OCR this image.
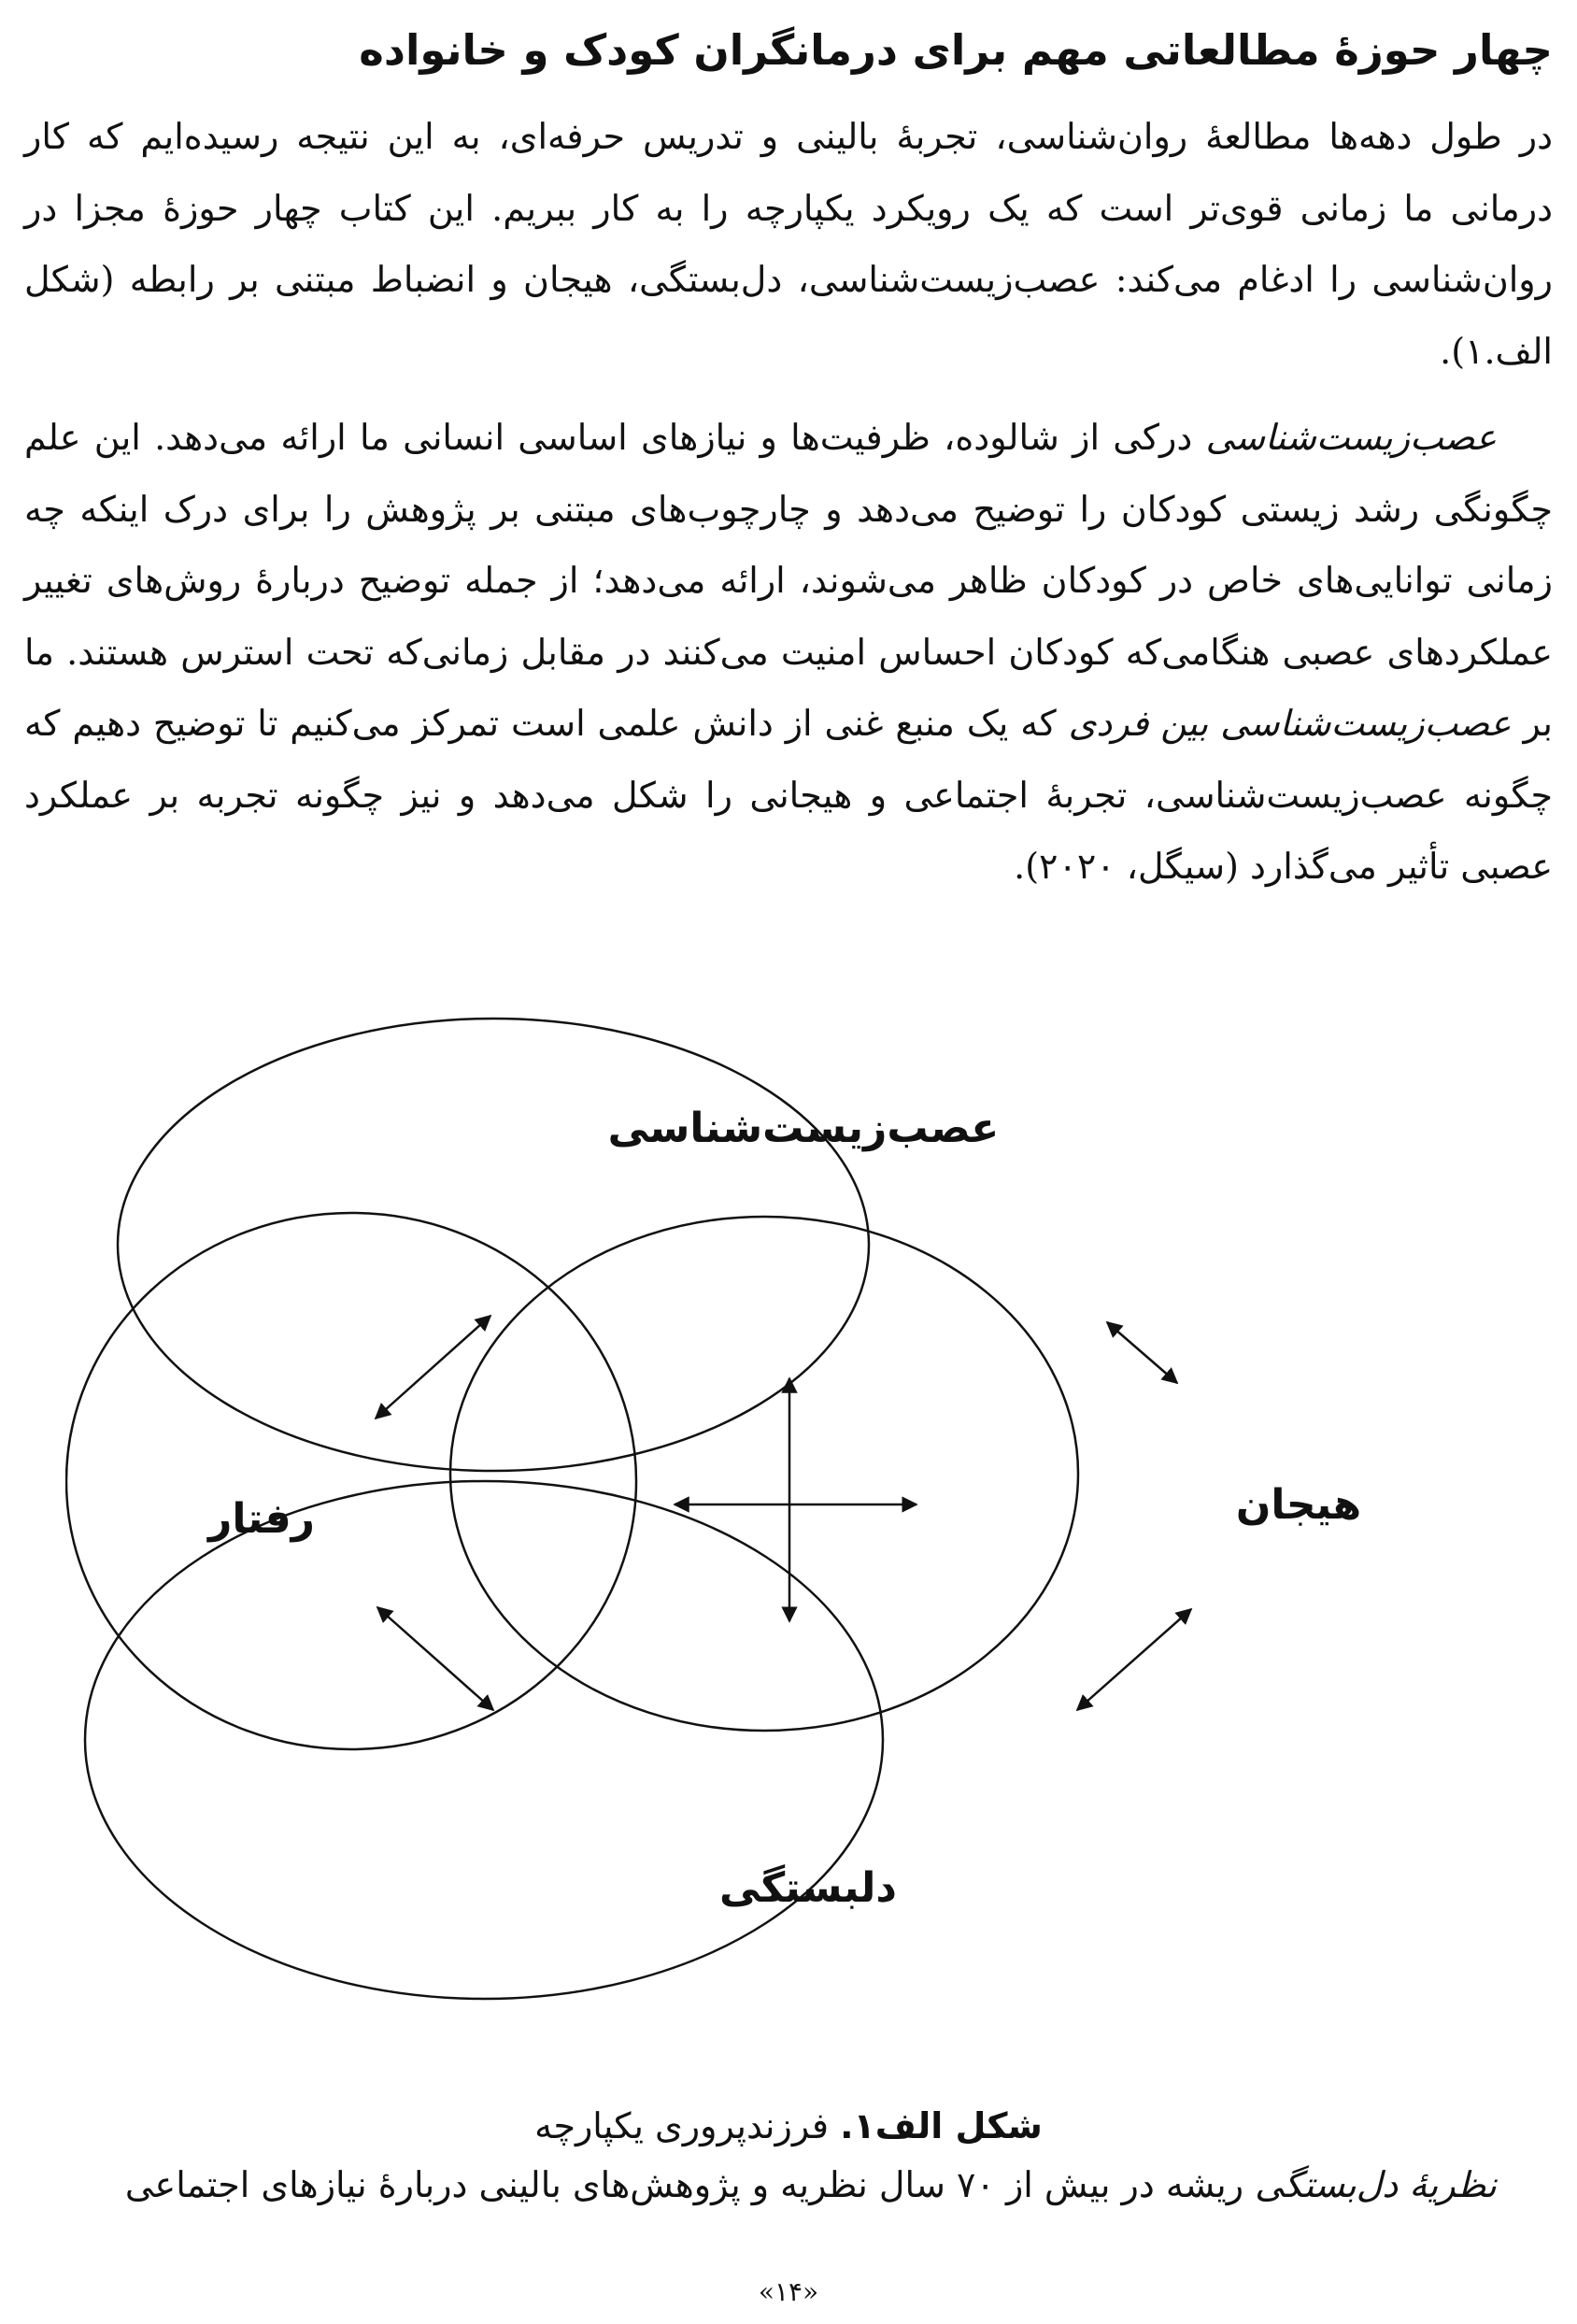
چهار حوزهٔ مطالعاتی مهم برای درمانگران کودک و خانواده

در طول دهه‌ها مطالعهٔ روان‌شناسی، تجربهٔ بالینی و تدریس حرفه‌ای، به این نتیجه رسیده‌ایم که کار درمانی ما زمانی قوی‌تر است که یک رویکرد یکپارچه را به کار ببریم. این کتاب چهار حوزهٔ مجزا در روان‌شناسی را ادغام می‌کند: عصب‌زیست‌شناسی، دل‌بستگی، هیجان و انضباط مبتنی بر رابطه (شکل الف.۱).

عصب‌زیست‌شناسی درکی از شالوده، ظرفیت‌ها و نیازهای اساسی انسانی ما ارائه می‌دهد. این علم چگونگی رشد زیستی کودکان را توضیح می‌دهد و چارچوب‌های مبتنی بر پژوهش را برای درک اینکه چه زمانی توانایی‌های خاص در کودکان ظاهر می‌شوند، ارائه می‌دهد؛ از جمله توضیح دربارهٔ روش‌های تغییر عملکردهای عصبی هنگامی‌که کودکان احساس امنیت می‌کنند در مقابل زمانی‌که تحت استرس هستند. ما بر عصب‌زیست‌شناسی بین فردی که یک منبع غنی از دانش علمی است تمرکز می‌کنیم تا توضیح دهیم که چگونه عصب‌زیست‌شناسی، تجربهٔ اجتماعی و هیجانی را شکل می‌دهد و نیز چگونه تجربه بر عملکرد عصبی تأثیر می‌گذارد (سیگل، ۲۰۲۰).

عصب‌زیست‌شناسی
رفتار	هیجان
دلبستگی
شکل الف۱. فرزندپروری یکپارچه

نظریهٔ دل‌بستگی ریشه در بیش از ۷۰ سال نظریه و پژوهش‌های بالینی دربارهٔ نیازهای اجتماعی

«۱۴»
